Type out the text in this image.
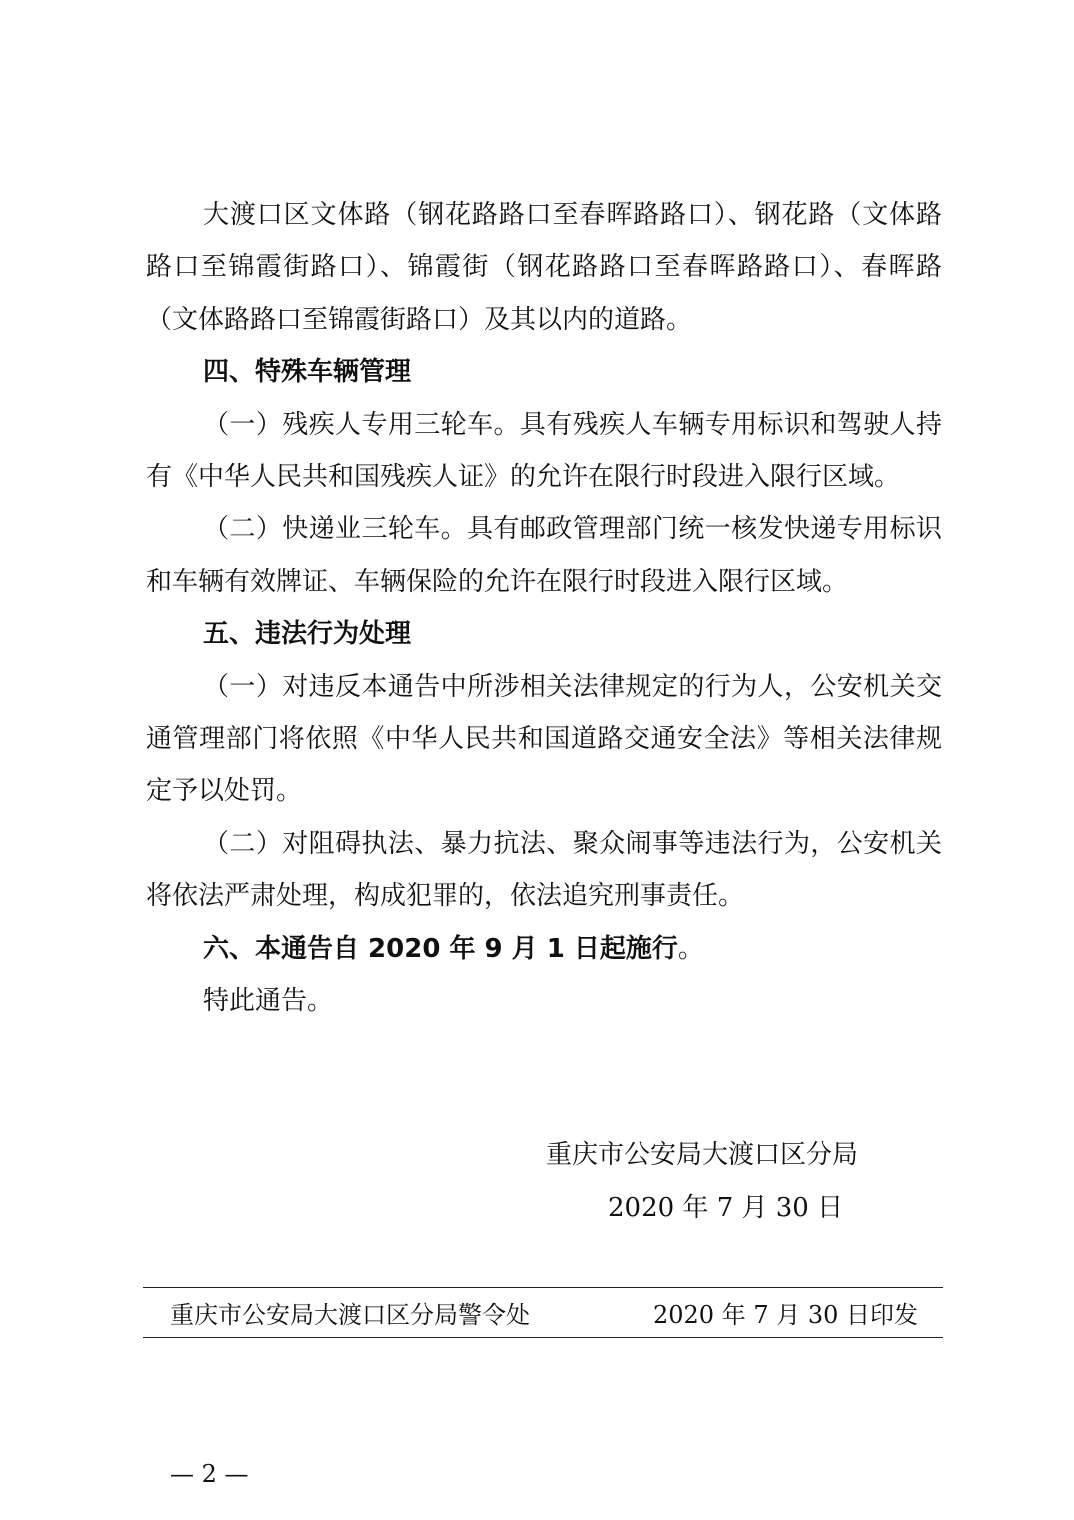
大渡口区文体路（钢花路路口至春晖路路口）、钢花路（文体路路口至锦霞街路口）、锦霞街（钢花路路口至春晖路路口）、春晖路（文体路路口至锦霞街路口）及其以内的道路。

四、特殊车辆管理

（一）残疾人专用三轮车。具有残疾人车辆专用标识和驾驶人持有《中华人民共和国残疾人证》的允许在限行时段进入限行区域。

（二）快递业三轮车。具有邮政管理部门统一核发快递专用标识和车辆有效牌证、车辆保险的允许在限行时段进入限行区域。

五、违法行为处理

（一）对违反本通告中所涉相关法律规定的行为人，公安机关交通管理部门将依照《中华人民共和国道路交通安全法》等相关法律规定予以处罚。

（二）对阻碍执法、暴力抗法、聚众闹事等违法行为，公安机关将依法严肃处理，构成犯罪的，依法追究刑事责任。

六、本通告自 2020 年 9 月 1 日起施行。

特此通告。

重庆市公安局大渡口区分局
2020 年 7 月 30 日
重庆市公安局大渡口区分局警令处	2020 年 7 月 30 日印发
— 2 —
